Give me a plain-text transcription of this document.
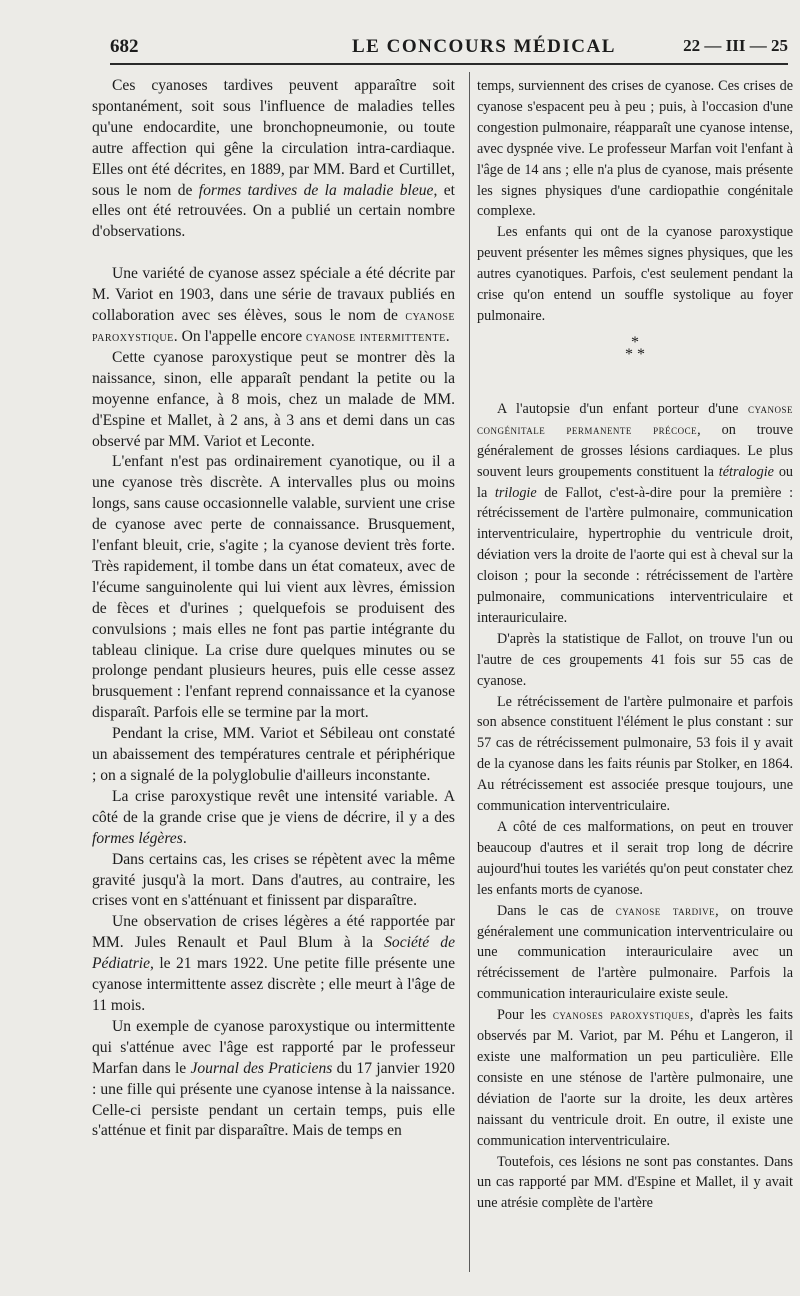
682	LE CONCOURS MÉDICAL	22 — III — 25

Ces cyanoses tardives peuvent apparaître soit spontanément, soit sous l'influence de maladies telles qu'une endocardite, une bronchopneumonie, ou toute autre affection qui gêne la circulation intra-cardiaque. Elles ont été décrites, en 1889, par MM. Bard et Curtillet, sous le nom de formes tardives de la maladie bleue, et elles ont été retrouvées. On a publié un certain nombre d'observations.

Une variété de cyanose assez spéciale a été décrite par M. Variot en 1903, dans une série de travaux publiés en collaboration avec ses élèves, sous le nom de cyanose paroxystique. On l'appelle encore cyanose intermittente.

Cette cyanose paroxystique peut se montrer dès la naissance, sinon, elle apparaît pendant la petite ou la moyenne enfance, à 8 mois, chez un malade de MM. d'Espine et Mallet, à 2 ans, à 3 ans et demi dans un cas observé par MM. Variot et Leconte.

L'enfant n'est pas ordinairement cyanotique, ou il a une cyanose très discrète. A intervalles plus ou moins longs, sans cause occasionnelle valable, survient une crise de cyanose avec perte de connaissance. Brusquement, l'enfant bleuit, crie, s'agite ; la cyanose devient très forte. Très rapidement, il tombe dans un état comateux, avec de l'écume sanguinolente qui lui vient aux lèvres, émission de fèces et d'urines ; quelquefois se produisent des convulsions ; mais elles ne font pas partie intégrante du tableau clinique. La crise dure quelques minutes ou se prolonge pendant plusieurs heures, puis elle cesse assez brusquement : l'enfant reprend connaissance et la cyanose disparaît. Parfois elle se termine par la mort.

Pendant la crise, MM. Variot et Sébileau ont constaté un abaissement des températures centrale et périphérique ; on a signalé de la polyglobulie d'ailleurs inconstante.

La crise paroxystique revêt une intensité variable. A côté de la grande crise que je viens de décrire, il y a des formes légères.

Dans certains cas, les crises se répètent avec la même gravité jusqu'à la mort. Dans d'autres, au contraire, les crises vont en s'atténuant et finissent par disparaître.

Une observation de crises légères a été rapportée par MM. Jules Renault et Paul Blum à la Société de Pédiatrie, le 21 mars 1922. Une petite fille présente une cyanose intermittente assez discrète ; elle meurt à l'âge de 11 mois.

Un exemple de cyanose paroxystique ou intermittente qui s'atténue avec l'âge est rapporté par le professeur Marfan dans le Journal des Praticiens du 17 janvier 1920 : une fille qui présente une cyanose intense à la naissance. Celle-ci persiste pendant un certain temps, puis elle s'atténue et finit par disparaître. Mais de temps en

temps, surviennent des crises de cyanose. Ces crises de cyanose s'espacent peu à peu ; puis, à l'occasion d'une congestion pulmonaire, réapparaît une cyanose intense, avec dyspnée vive. Le professeur Marfan voit l'enfant à l'âge de 14 ans ; elle n'a plus de cyanose, mais présente les signes physiques d'une cardiopathie congénitale complexe.

Les enfants qui ont de la cyanose paroxystique peuvent présenter les mêmes signes physiques, que les autres cyanotiques. Parfois, c'est seulement pendant la crise qu'on entend un souffle systolique au foyer pulmonaire.

*
* *

A l'autopsie d'un enfant porteur d'une cyanose congénitale permanente précoce, on trouve généralement de grosses lésions cardiaques. Le plus souvent leurs groupements constituent la tétralogie ou la trilogie de Fallot, c'est-à-dire pour la première : rétrécissement de l'artère pulmonaire, communication interventriculaire, hypertrophie du ventricule droit, déviation vers la droite de l'aorte qui est à cheval sur la cloison ; pour la seconde : rétrécissement de l'artère pulmonaire, communications interventriculaire et interauriculaire.

D'après la statistique de Fallot, on trouve l'un ou l'autre de ces groupements 41 fois sur 55 cas de cyanose.

Le rétrécissement de l'artère pulmonaire et parfois son absence constituent l'élément le plus constant : sur 57 cas de rétrécissement pulmonaire, 53 fois il y avait de la cyanose dans les faits réunis par Stolker, en 1864. Au rétrécissement est associée presque toujours, une communication interventriculaire.

A côté de ces malformations, on peut en trouver beaucoup d'autres et il serait trop long de décrire aujourd'hui toutes les variétés qu'on peut constater chez les enfants morts de cyanose.

Dans le cas de cyanose tardive, on trouve généralement une communication interventriculaire ou une communication interauriculaire avec un rétrécissement de l'artère pulmonaire. Parfois la communication interauriculaire existe seule.

Pour les cyanoses paroxystiques, d'après les faits observés par M. Variot, par M. Péhu et Langeron, il existe une malformation un peu particulière. Elle consiste en une sténose de l'artère pulmonaire, une déviation de l'aorte sur la droite, les deux artères naissant du ventricule droit. En outre, il existe une communication interventriculaire.

Toutefois, ces lésions ne sont pas constantes. Dans un cas rapporté par MM. d'Espine et Mallet, il y avait une atrésie complète de l'artère
